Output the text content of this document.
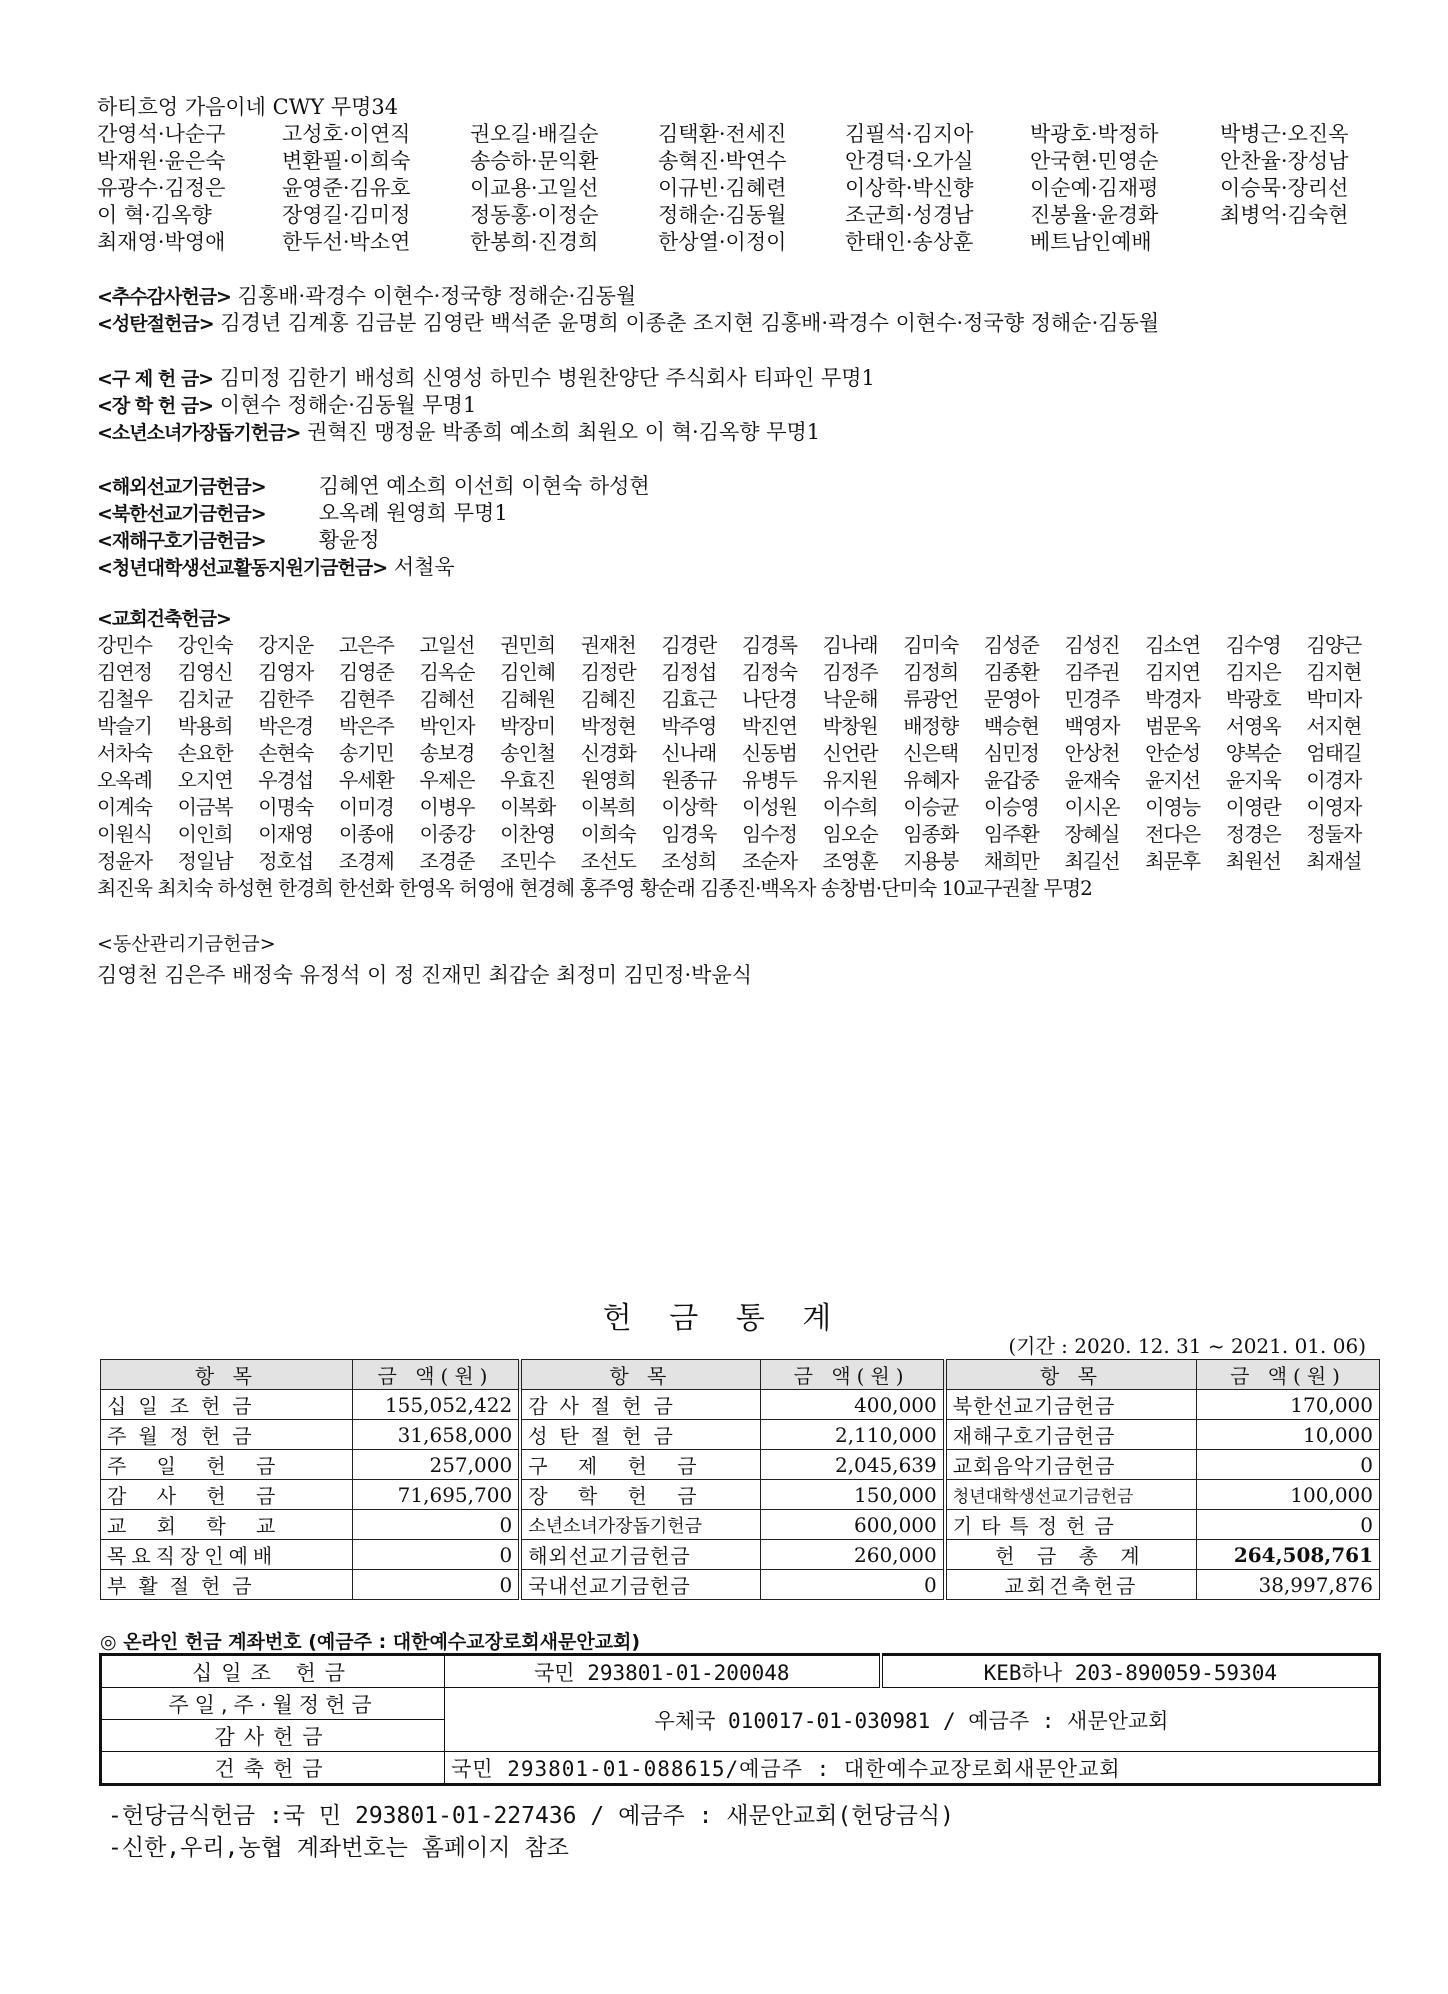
하티흐엉 가음이네 CWY 무명34
간영석·나순구	고성호·이연직	권오길·배길순	김택환·전세진	김필석·김지아	박광호·박정하	박병근·오진옥
박재원·윤은숙	변환필·이희숙	송승하·문익환	송혁진·박연수	안경덕·오가실	안국현·민영순	안찬율·장성남
유광수·김정은	윤영준·김유호	이교용·고일선	이규빈·김혜련	이상학·박신향	이순예·김재평	이승묵·장리선
이 혁·김옥향	장영길·김미정	정동홍·이정순	정해순·김동월	조군희·성경남	진봉율·윤경화	최병억·김숙현
최재영·박영애	한두선·박소연	한봉희·진경희	한상열·이정이	한태인·송상훈	베트남인예배
<추수감사헌금> 김홍배·곽경수 이현수·정국향 정해순·김동월
<성탄절헌금> 김경년 김계홍 김금분 김영란 백석준 윤명희 이종춘 조지현 김홍배·곽경수 이현수·정국향 정해순·김동월
<구 제 헌 금> 김미정 김한기 배성희 신영성 하민수 병원찬양단 주식회사 티파인 무명1
<장 학 헌 금> 이현수 정해순·김동월 무명1
<소년소녀가장돕기헌금> 권혁진 맹정윤 박종희 예소희 최원오 이 혁·김옥향 무명1
<해외선교기금헌금>	김혜연 예소희 이선희 이현숙 하성현
<북한선교기금헌금>	오옥례 원영희 무명1
<재해구호기금헌금>	황윤정
<청년대학생선교활동지원기금헌금> 서철욱
<교회건축헌금>
강민수	강인숙	강지운	고은주	고일선	권민희	권재천	김경란	김경록	김나래	김미숙	김성준	김성진	김소연	김수영	김양근
김연정	김영신	김영자	김영준	김옥순	김인혜	김정란	김정섭	김정숙	김정주	김정희	김종환	김주권	김지연	김지은	김지현
김철우	김치균	김한주	김현주	김혜선	김혜원	김혜진	김효근	나단경	낙운해	류광언	문영아	민경주	박경자	박광호	박미자
박슬기	박용희	박은경	박은주	박인자	박장미	박정현	박주영	박진연	박창원	배정향	백승현	백영자	범문옥	서영옥	서지현
서차숙	손요한	손현숙	송기민	송보경	송인철	신경화	신나래	신동범	신언란	신은택	심민정	안상천	안순성	양복순	엄태길
오옥례	오지연	우경섭	우세환	우제은	우효진	원영희	원종규	유병두	유지원	유혜자	윤갑중	윤재숙	윤지선	윤지욱	이경자
이계숙	이금복	이명숙	이미경	이병우	이복화	이복희	이상학	이성원	이수희	이승균	이승영	이시온	이영능	이영란	이영자
이원식	이인희	이재영	이종애	이중강	이찬영	이희숙	임경욱	임수정	임오순	임종화	임주환	장혜실	전다은	정경은	정둘자
정윤자	정일남	정호섭	조경제	조경준	조민수	조선도	조성희	조순자	조영훈	지용붕	채희만	최길선	최문후	최원선	최재설
최진욱 최치숙 하성현 한경희 한선화 한영옥 허영애 현경혜 홍주영 황순래 김종진·백옥자 송창범·단미숙 10교구권찰 무명2
<동산관리기금헌금>
김영천 김은주 배정숙 유정석 이 정 진재민 최갑순 최정미 김민정·박윤식
헌 금 통 계
(기간 : 2020. 12. 31 ~ 2021. 01. 06)
항 목	금 액(원)	항 목	금 액(원)	항 목	금 액(원)
십일조헌금	155,052,422	감사절헌금	400,000	북한선교기금헌금	170,000
주월정헌금	31,658,000	성탄절헌금	2,110,000	재해구호기금헌금	10,000
주 일 헌 금	257,000	구 제 헌 금	2,045,639	교회음악기금헌금	0
감 사 헌 금	71,695,700	장 학 헌 금	150,000	청년대학생선교기금헌금	100,000
교 회 학 교	0	소년소녀가장돕기헌금	600,000	기타특정헌금	0
목요직장인예배	0	해외선교기금헌금	260,000	헌 금 총 계	264,508,761
부활절헌금	0	국내선교기금헌금	0	교회건축헌금	38,997,876
◎ 온라인 헌금 계좌번호 (예금주 : 대한예수교장로회새문안교회)
십일조 헌금	국민 293801-01-200048	KEB하나 203-890059-59304
주일,주·월정헌금	우체국 010017-01-030981 / 예금주 : 새문안교회	
감사헌금		
건축헌금	국민 293801-01-088615/예금주 : 대한예수교장로회새문안교회	
-헌당금식헌금 :국 민 293801-01-227436 / 예금주 : 새문안교회(헌당금식)
-신한,우리,농협 계좌번호는 홈페이지 참조
